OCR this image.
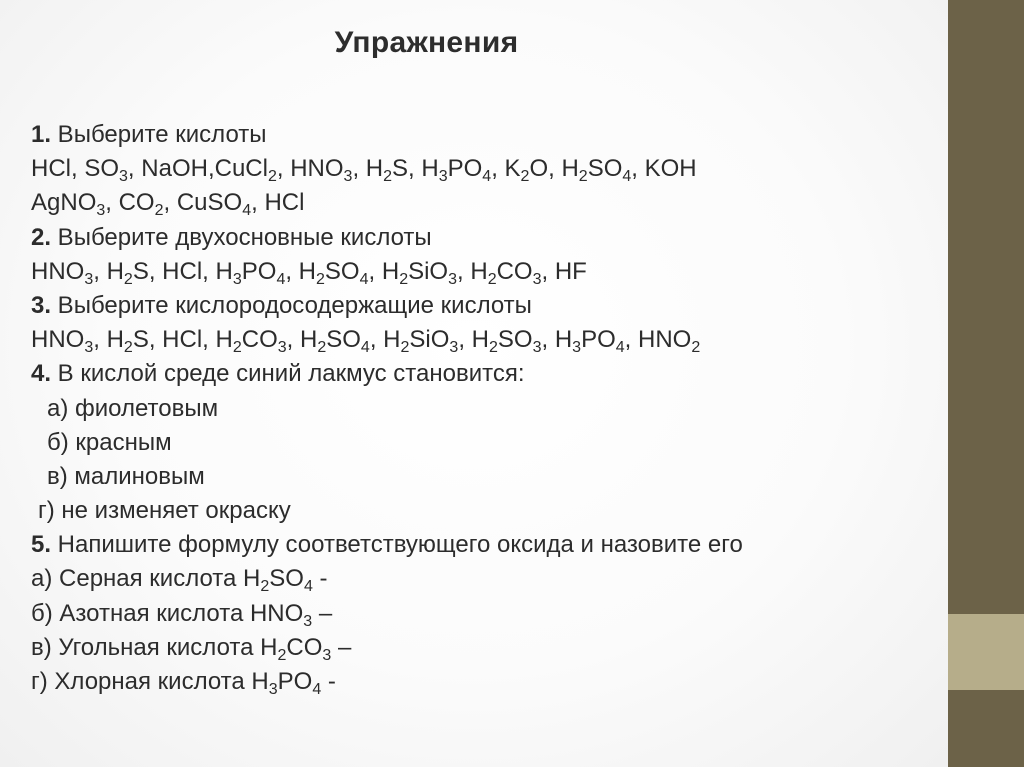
Упражнения
1. Выберите кислоты
HCl, $SO_3$, NaOH,CuCl$_2$, $HNO_3$, $H_2S$, $H_3PO_4$, $K_2O$, $H_2SO_4$, KOH
AgNO$_3$, $CO_2$, CuSO$_4$, HCl
2. Выберите двухосновные кислоты
$HNO_3$, $H_2S$, HCl, $H_3PO_4$, $H_2SO_4$, $H_2SiO_3$, $H_2CO_3$, HF
3. Выберите кислородосодержащие кислоты
$HNO_3$, $H_2S$, HCl, $H_2CO_3$, $H_2SO_4$, $H_2SiO_3$, $H_2SO_3$, $H_3PO_4$, $HNO_2$
4. В кислой среде синий лакмус становится:
а) фиолетовым
б) красным
в) малиновым
г) не изменяет окраску
5. Напишите формулу соответствующего оксида и назовите его
а) Серная кислота $H_2SO_4$ -
б) Азотная кислота $HNO_3$ –
в) Угольная кислота $H_2CO_3$ –
г) Хлорная кислота $H_3PO_4$ -
